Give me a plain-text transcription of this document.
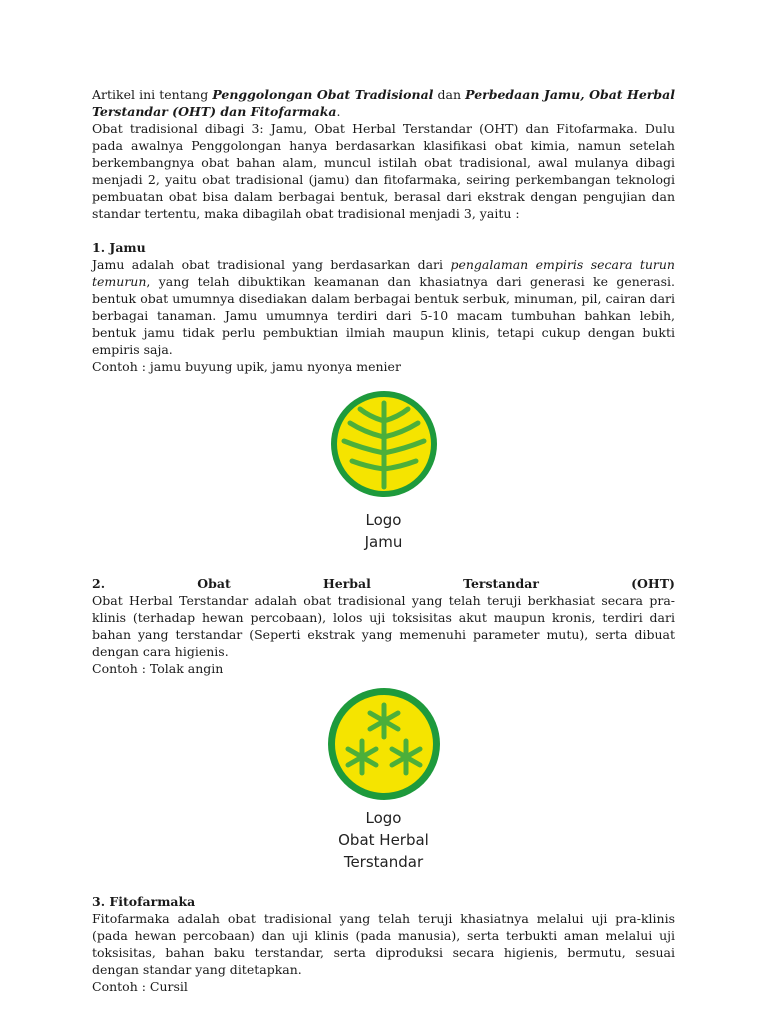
Artikel ini tentang Penggolongan Obat Tradisional dan Perbedaan Jamu, Obat Herbal Terstandar (OHT) dan Fitofarmaka.

Obat tradisional dibagi 3: Jamu, Obat Herbal Terstandar (OHT) dan Fitofarmaka. Dulu pada awalnya Penggolongan hanya berdasarkan klasifikasi obat kimia, namun setelah berkembangnya obat bahan alam, muncul istilah obat tradisional, awal mulanya dibagi menjadi 2, yaitu obat tradisional (jamu) dan fitofarmaka, seiring perkembangan teknologi pembuatan obat bisa dalam berbagai bentuk, berasal dari ekstrak dengan pengujian dan standar tertentu, maka dibagilah obat tradisional menjadi 3, yaitu :

1. Jamu

Jamu adalah obat tradisional yang berdasarkan dari pengalaman empiris secara turun temurun, yang telah dibuktikan keamanan dan khasiatnya dari generasi ke generasi. bentuk obat umumnya disediakan dalam berbagai bentuk serbuk, minuman, pil, cairan dari berbagai tanaman. Jamu umumnya terdiri dari 5-10 macam tumbuhan bahkan lebih, bentuk jamu tidak perlu pembuktian ilmiah maupun klinis, tetapi cukup dengan bukti empiris saja.

Contoh : jamu buyung upik, jamu nyonya menier

Logo
Jamu
2.	Obat	Herbal	Terstandar	(OHT)

Obat Herbal Terstandar adalah obat tradisional yang telah teruji berkhasiat secara pra-klinis (terhadap hewan percobaan), lolos uji toksisitas akut maupun kronis, terdiri dari bahan yang terstandar (Seperti ekstrak yang memenuhi parameter mutu), serta dibuat dengan cara higienis.

Contoh : Tolak angin

Logo
Obat Herbal
Terstandar

3. Fitofarmaka

Fitofarmaka adalah obat tradisional yang telah teruji khasiatnya melalui uji pra-klinis (pada hewan percobaan) dan uji klinis (pada manusia), serta terbukti aman melalui uji toksisitas, bahan baku terstandar, serta diproduksi secara higienis, bermutu, sesuai dengan standar yang ditetapkan.

Contoh : Cursil
